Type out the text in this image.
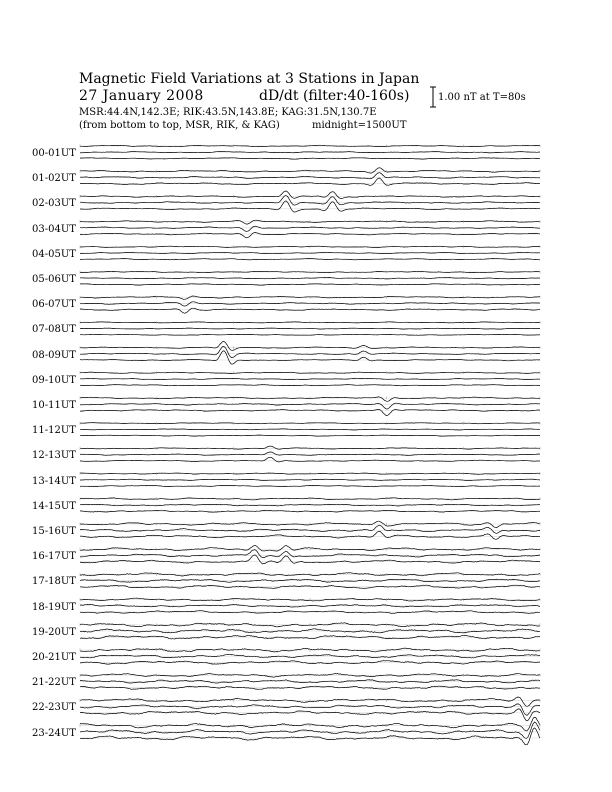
Magnetic Field Variations at 3 Stations in Japan
27 January 2008	dD/dt (filter:40-160s)
MSR:44.4N,142.3E; RIK:43.5N,143.8E; KAG:31.5N,130.7E
(from bottom to top, MSR, RIK, & KAG)	midnight=1500UT
1.00 nT at T=80s
00-01UT
01-02UT
02-03UT
03-04UT
04-05UT
05-06UT
06-07UT
07-08UT
08-09UT
09-10UT
10-11UT
11-12UT
12-13UT
13-14UT
14-15UT
15-16UT
16-17UT
17-18UT
18-19UT
19-20UT
20-21UT
21-22UT
22-23UT
23-24UT
